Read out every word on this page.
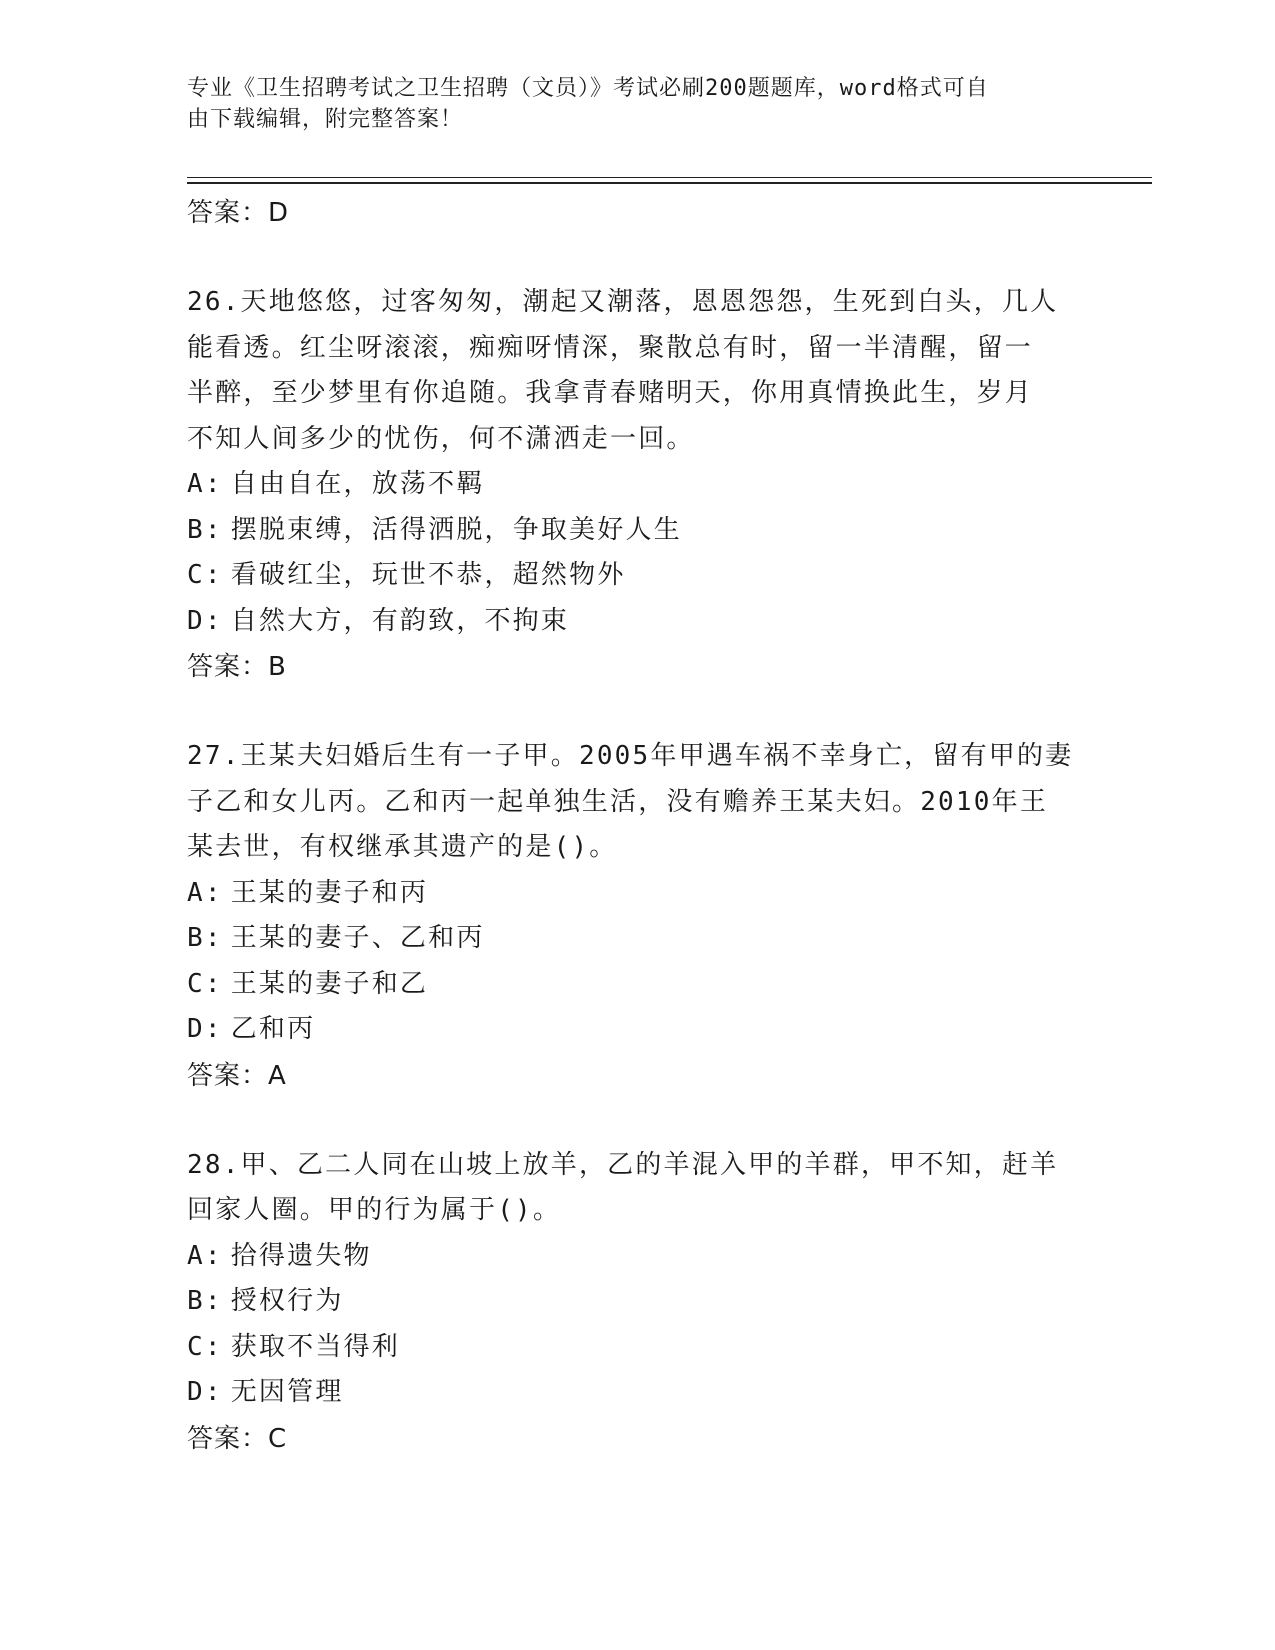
专业《卫生招聘考试之卫生招聘（文员）》考试必刷200题题库，word格式可自
由下载编辑，附完整答案！
答案：D
26.天地悠悠，过客匆匆，潮起又潮落，恩恩怨怨，生死到白头，几人
能看透。红尘呀滚滚，痴痴呀情深，聚散总有时，留一半清醒，留一
半醉，至少梦里有你追随。我拿青春赌明天，你用真情换此生，岁月
不知人间多少的忧伤，何不潇洒走一回。
A: 自由自在，放荡不羁
B: 摆脱束缚，活得洒脱，争取美好人生
C: 看破红尘，玩世不恭，超然物外
D: 自然大方，有韵致，不拘束
答案：B
27.王某夫妇婚后生有一子甲。2005年甲遇车祸不幸身亡，留有甲的妻
子乙和女儿丙。乙和丙一起单独生活，没有赡养王某夫妇。2010年王
某去世，有权继承其遗产的是()。
A: 王某的妻子和丙
B: 王某的妻子、乙和丙
C: 王某的妻子和乙
D: 乙和丙
答案：A
28.甲、乙二人同在山坡上放羊，乙的羊混入甲的羊群，甲不知，赶羊
回家人圈。甲的行为属于()。
A: 拾得遗失物
B: 授权行为
C: 获取不当得利
D: 无因管理
答案：C
